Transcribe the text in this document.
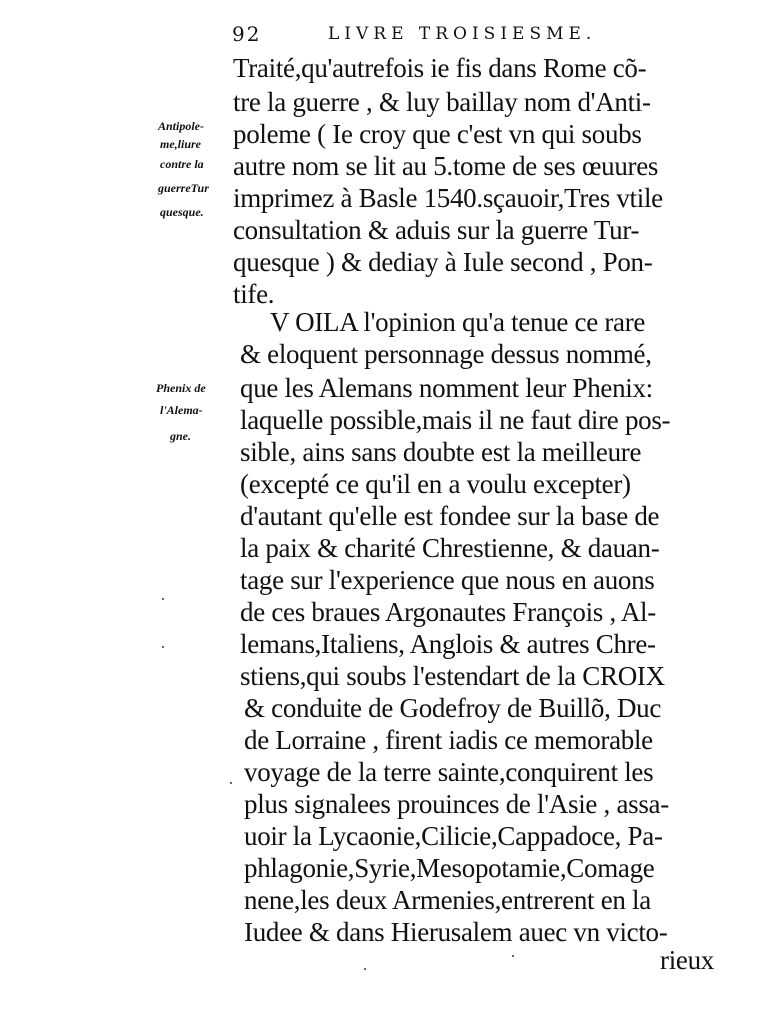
92	LIVRE TROISIESME.
Traité,qu'autrefois ie fis dans Rome cõ-
tre la guerre , & luy baillay nom d'Anti-
poleme ( Ie croy que c'est vn qui soubs
autre nom se lit au 5.tome de ses œuures
imprimez à Basle 1540.sçauoir,Tres vtile
consultation & aduis sur la guerre Tur-
quesque ) & dediay à Iule second , Pon-
tife.
V OILA l'opinion qu'a tenue ce rare
& eloquent personnage dessus nommé,
que les Alemans nomment leur Phenix:
laquelle possible,mais il ne faut dire pos-
sible, ains sans doubte est la meilleure
(excepté ce qu'il en a voulu excepter)
d'autant qu'elle est fondee sur la base de
la paix & charité Chrestienne, & dauan-
tage sur l'experience que nous en auons
de ces braues Argonautes François , Al-
lemans,Italiens, Anglois & autres Chre-
stiens,qui soubs l'estendart de la CROIX
& conduite de Godefroy de Buillõ, Duc
de Lorraine , firent iadis ce memorable
voyage de la terre sainte,conquirent les
plus signalees prouinces de l'Asie , assa-
uoir la Lycaonie,Cilicie,Cappadoce, Pa-
phlagonie,Syrie,Mesopotamie,Comage
nene,les deux Armenies,entrerent en la
Iudee & dans Hierusalem auec vn victo-
rieux
Antipole-
me,liure
contre la
guerreTur
quesque.
Phenix de
l'Alema-
gne.
